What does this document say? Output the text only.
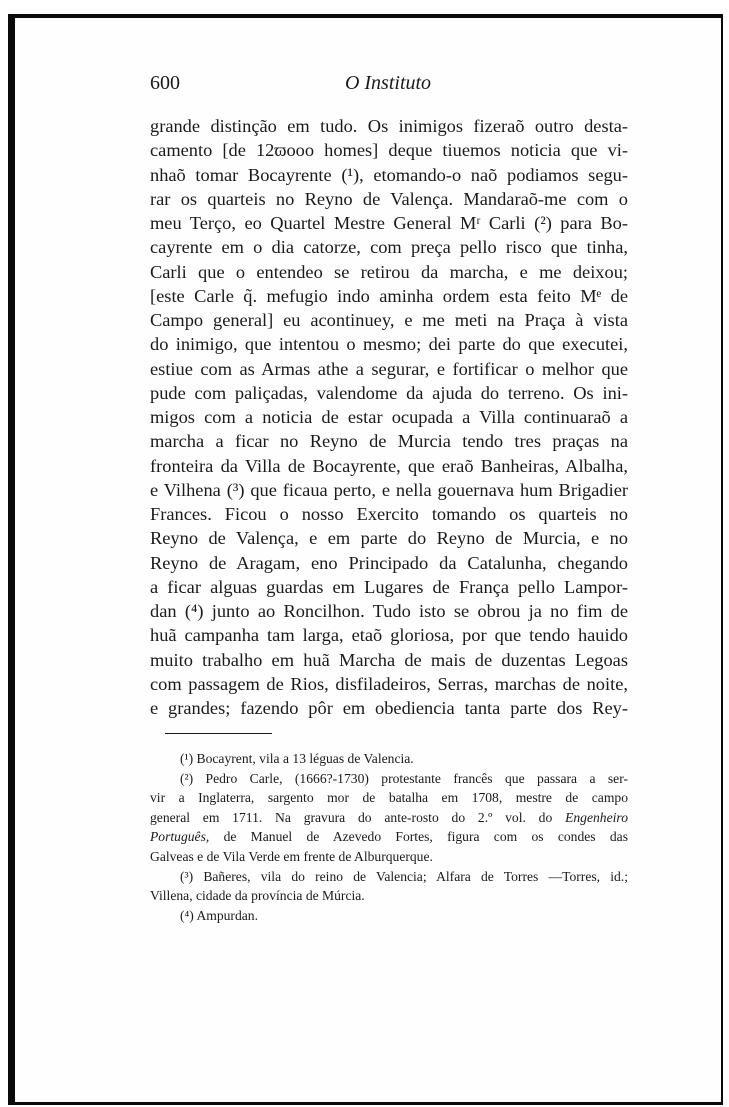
600	O Instituto
grande distinção em tudo. Os inimigos fizeraõ outro desta-
camento [de 12ϖooo homes] deque tiuemos noticia que vi-
nhaõ tomar Bocayrente (¹), etomando-o naõ podiamos segu-
rar os quarteis no Reyno de Valença. Mandaraõ-me com o
meu Terço, eo Quartel Mestre General Mʳ Carli (²) para Bo-
cayrente em o dia catorze, com preça pello risco que tinha,
Carli que o entendeo se retirou da marcha, e me deixou;
[este Carle q̃. mefugio indo aminha ordem esta feito Mᵉ de
Campo general] eu acontinuey, e me meti na Praça à vista
do inimigo, que intentou o mesmo; dei parte do que executei,
estiue com as Armas athe a segurar, e fortificar o melhor que
pude com paliçadas, valendome da ajuda do terreno. Os ini-
migos com a noticia de estar ocupada a Villa continuaraõ a
marcha a ficar no Reyno de Murcia tendo tres praças na
fronteira da Villa de Bocayrente, que eraõ Banheiras, Albalha,
e Vilhena (³) que ficaua perto, e nella gouernava hum Brigadier
Frances. Ficou o nosso Exercito tomando os quarteis no
Reyno de Valença, e em parte do Reyno de Murcia, e no
Reyno de Aragam, eno Principado da Catalunha, chegando
a ficar alguas guardas em Lugares de França pello Lampor-
dan (⁴) junto ao Roncilhon. Tudo isto se obrou ja no fim de
huã campanha tam larga, etaõ gloriosa, por que tendo hauido
muito trabalho em huã Marcha de mais de duzentas Legoas
com passagem de Rios, disfiladeiros, Serras, marchas de noite,
e grandes; fazendo pôr em obediencia tanta parte dos Rey-
(¹) Bocayrent, vila a 13 léguas de Valencia.
(²) Pedro Carle, (1666?-1730) protestante francês que passara a ser-
vir a Inglaterra, sargento mor de batalha em 1708, mestre de campo
general em 1711. Na gravura do ante-rosto do 2.º vol. do Engenheiro
Português, de Manuel de Azevedo Fortes, figura com os condes das
Galveas e de Vila Verde em frente de Alburquerque.
(³) Bañeres, vila do reino de Valencia; Alfara de Torres —Torres, id.;
Villena, cidade da província de Múrcia.
(⁴) Ampurdan.
